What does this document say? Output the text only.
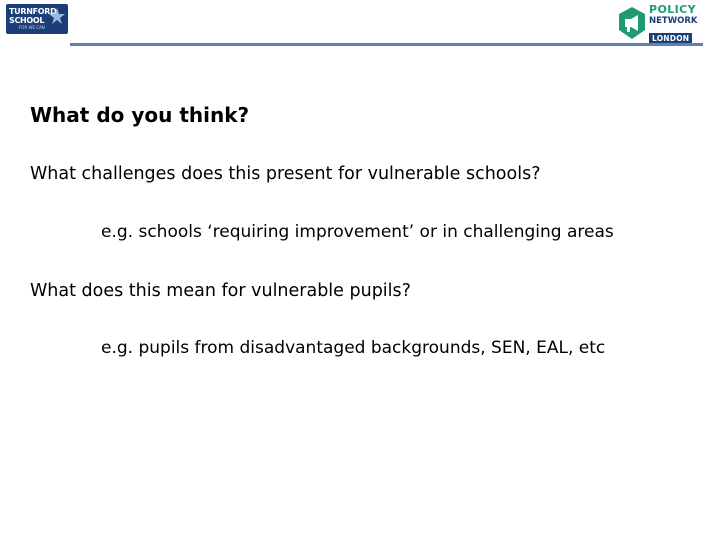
TURNFORD
SCHOOL
FOR WE CAN
POLICY
NETWORK
LONDON
What do you think?

What challenges does this present for vulnerable schools?

e.g. schools ‘requiring improvement’ or in challenging areas

What does this mean for vulnerable pupils?

e.g. pupils from disadvantaged backgrounds, SEN, EAL, etc
